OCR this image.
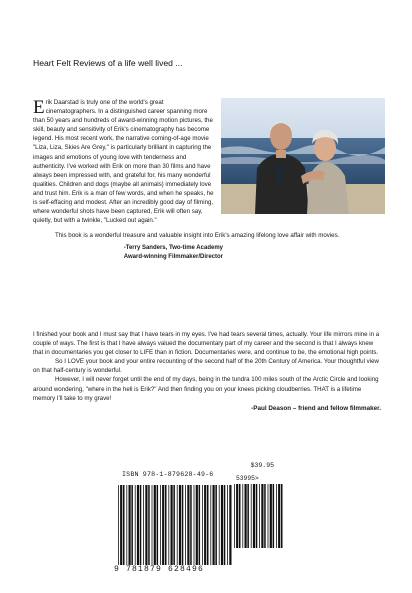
Heart Felt Reviews of a life well lived ...

Erik Daarstad is truly one of the world's great cinematographers. In a distinguished career spanning more than 50 years and hundreds of award-winning motion pictures, the skill, beauty and sensitivity of Erik's cinematography has become legend. His most recent work, the narrative coming-of-age movie "Liza, Liza, Skies Are Grey," is particularly brilliant in capturing the images and emotions of young love with tenderness and authenticity. I've worked with Erik on more than 30 films and have always been impressed with, and grateful for, his many wonderful qualities. Children and dogs (maybe all animals) immediately love and trust him. Erik is a man of few words, and when he speaks, he is self-effacing and modest. After an incredibly good day of filming, where wonderful shots have been captured, Erik will often say, quietly, but with a twinkle, "Lucked out again."

This book is a wonderful treasure and valuable insight into Erik's amazing lifelong love affair with movies.

-Terry Sanders, Two-time Academy
Award-winning Filmmaker/Director

I finished your book and I must say that I have tears in my eyes. I've had tears several times, actually. Your life mirrors mine in a couple of ways. The first is that I have always valued the documentary part of my career and the second is that I always knew that in documentaries you get closer to LIFE than in fiction. Documentaries were, and continue to be, the emotional high points.

So I LOVE your book and your entire recounting of the second half of the 20th Century of America. Your thoughtful view on that half-century is wonderful.

However, I will never forget until the end of my days, being in the tundra 100 miles south of the Arctic Circle and looking around wondering, "where in the hell is Erik?" And then finding you on your knees picking cloudberries. THAT is a lifetime memory I'll take to my grave!

-Paul Deason – friend and fellow filmmaker.
$39.95
ISBN 978-1-879628-49-6
53995>
9 781879 628496
